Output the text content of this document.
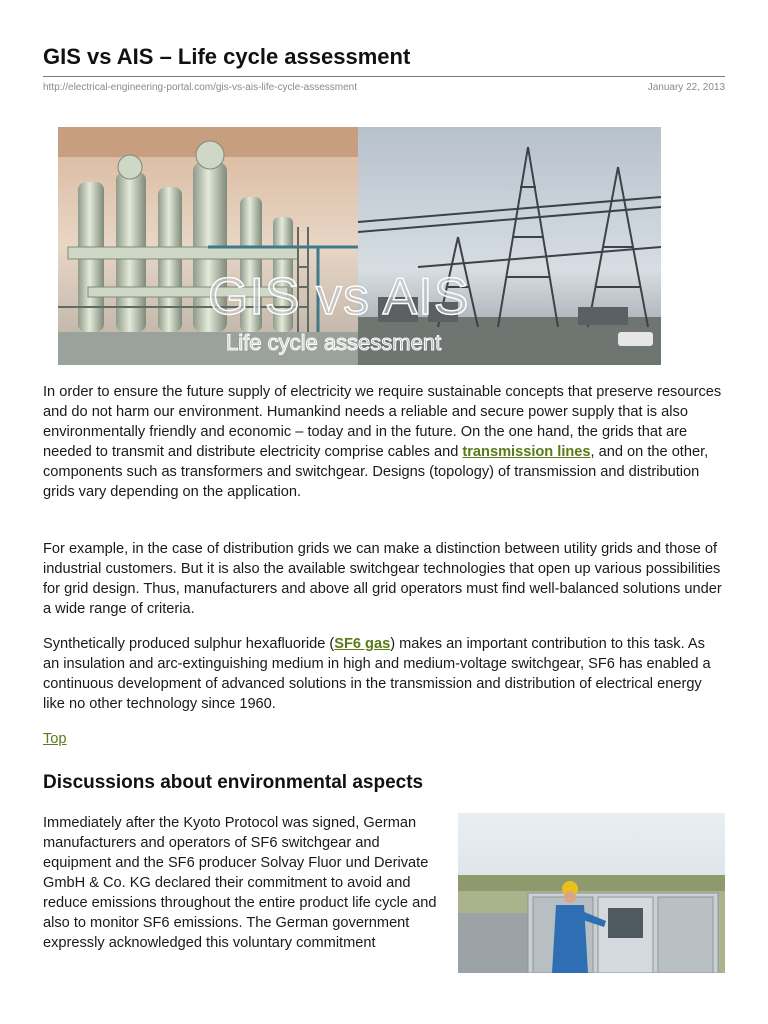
GIS vs AIS – Life cycle assessment
http://electrical-engineering-portal.com/gis-vs-ais-life-cycle-assessment	January 22, 2013
GIS vs AIS
Life cycle assessment

In order to ensure the future supply of electricity we require sustainable concepts that preserve resources and do not harm our environment. Humankind needs a reliable and secure power supply that is also environmentally friendly and economic – today and in the future. On the one hand, the grids that are needed to transmit and distribute electricity comprise cables and transmission lines, and on the other, components such as transformers and switchgear. Designs (topology) of transmission and distribution grids vary depending on the application.

For example, in the case of distribution grids we can make a distinction between utility grids and those of industrial customers. But it is also the available switchgear technologies that open up various possibilities for grid design. Thus, manufacturers and above all grid operators must find well-balanced solutions under a wide range of criteria.

Synthetically produced sulphur hexafluoride (SF6 gas) makes an important contribution to this task. As an insulation and arc-extinguishing medium in high and medium-voltage switchgear, SF6 has enabled a continuous development of advanced solutions in the transmission and distribution of electrical energy like no other technology since 1960.

Top
Discussions about environmental aspects

Immediately after the Kyoto Protocol was signed, German manufacturers and operators of SF6 switchgear and equipment and the SF6 producer Solvay Fluor und Derivate GmbH & Co. KG declared their commitment to avoid and reduce emissions throughout the entire product life cycle and also to monitor SF6 emissions. The German government expressly acknowledged this voluntary commitment
